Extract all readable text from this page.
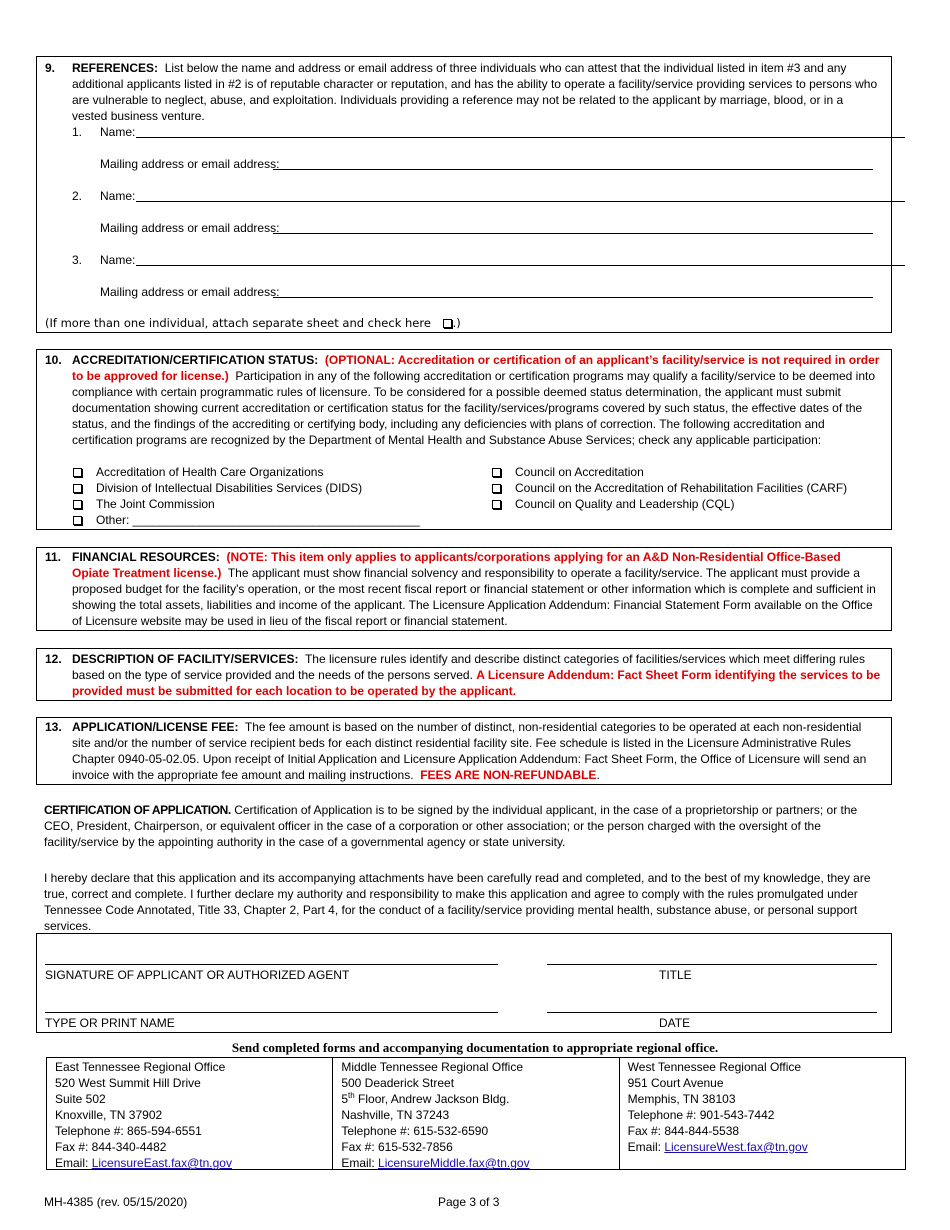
9. REFERENCES: List below the name and address or email address of three individuals who can attest that the individual listed in item #3 and any additional applicants listed in #2 is of reputable character or reputation, and has the ability to operate a facility/service providing services to persons who are vulnerable to neglect, abuse, and exploitation. Individuals providing a reference may not be related to the applicant by marriage, blood, or in a vested business venture.
1. Name:
Mailing address or email address:
2. Name:
Mailing address or email address:
3. Name:
Mailing address or email address:
(If more than one individual, attach separate sheet and check here .)
10. ACCREDITATION/CERTIFICATION STATUS: (OPTIONAL: Accreditation or certification of an applicant’s facility/service is not required in order to be approved for license.) Participation in any of the following accreditation or certification programs may qualify a facility/service to be deemed into compliance with certain programmatic rules of licensure. To be considered for a possible deemed status determination, the applicant must submit documentation showing current accreditation or certification status for the facility/services/programs covered by such status, the effective dates of the status, and the findings of the accrediting or certifying body, including any deficiencies with plans of correction. The following accreditation and certification programs are recognized by the Department of Mental Health and Substance Abuse Services; check any applicable participation:
Accreditation of Health Care Organizations
Division of Intellectual Disabilities Services (DIDS)
The Joint Commission
Other: ___________________________________________
Council on Accreditation
Council on the Accreditation of Rehabilitation Facilities (CARF)
Council on Quality and Leadership (CQL)
11. FINANCIAL RESOURCES: (NOTE: This item only applies to applicants/corporations applying for an A&D Non-Residential Office-Based Opiate Treatment license.) The applicant must show financial solvency and responsibility to operate a facility/service. The applicant must provide a proposed budget for the facility's operation, or the most recent fiscal report or financial statement or other information which is complete and sufficient in showing the total assets, liabilities and income of the applicant. The Licensure Application Addendum: Financial Statement Form available on the Office of Licensure website may be used in lieu of the fiscal report or financial statement.
12. DESCRIPTION OF FACILITY/SERVICES: The licensure rules identify and describe distinct categories of facilities/services which meet differing rules based on the type of service provided and the needs of the persons served. A Licensure Addendum: Fact Sheet Form identifying the services to be provided must be submitted for each location to be operated by the applicant.
13. APPLICATION/LICENSE FEE: The fee amount is based on the number of distinct, non-residential categories to be operated at each non-residential site and/or the number of service recipient beds for each distinct residential facility site. Fee schedule is listed in the Licensure Administrative Rules Chapter 0940-05-02.05. Upon receipt of Initial Application and Licensure Application Addendum: Fact Sheet Form, the Office of Licensure will send an invoice with the appropriate fee amount and mailing instructions. FEES ARE NON-REFUNDABLE.
CERTIFICATION OF APPLICATION. Certification of Application is to be signed by the individual applicant, in the case of a proprietorship or partners; or the CEO, President, Chairperson, or equivalent officer in the case of a corporation or other association; or the person charged with the oversight of the facility/service by the appointing authority in the case of a governmental agency or state university.
I hereby declare that this application and its accompanying attachments have been carefully read and completed, and to the best of my knowledge, they are true, correct and complete. I further declare my authority and responsibility to make this application and agree to comply with the rules promulgated under Tennessee Code Annotated, Title 33, Chapter 2, Part 4, for the conduct of a facility/service providing mental health, substance abuse, or personal support services.
SIGNATURE OF APPLICANT OR AUTHORIZED AGENT	TITLE
TYPE OR PRINT NAME	DATE
Send completed forms and accompanying documentation to appropriate regional office.
East Tennessee Regional Office
520 West Summit Hill Drive
Suite 502
Knoxville, TN 37902
Telephone #: 865-594-6551
Fax #: 844-340-4482
Email: LicensureEast.fax@tn.gov
Middle Tennessee Regional Office
500 Deaderick Street
5th Floor, Andrew Jackson Bldg.
Nashville, TN 37243
Telephone #: 615-532-6590
Fax #: 615-532-7856
Email: LicensureMiddle.fax@tn.gov
West Tennessee Regional Office
951 Court Avenue
Memphis, TN 38103
Telephone #: 901-543-7442
Fax #: 844-844-5538
Email: LicensureWest.fax@tn.gov
MH-4385 (rev. 05/15/2020)	Page 3 of 3
